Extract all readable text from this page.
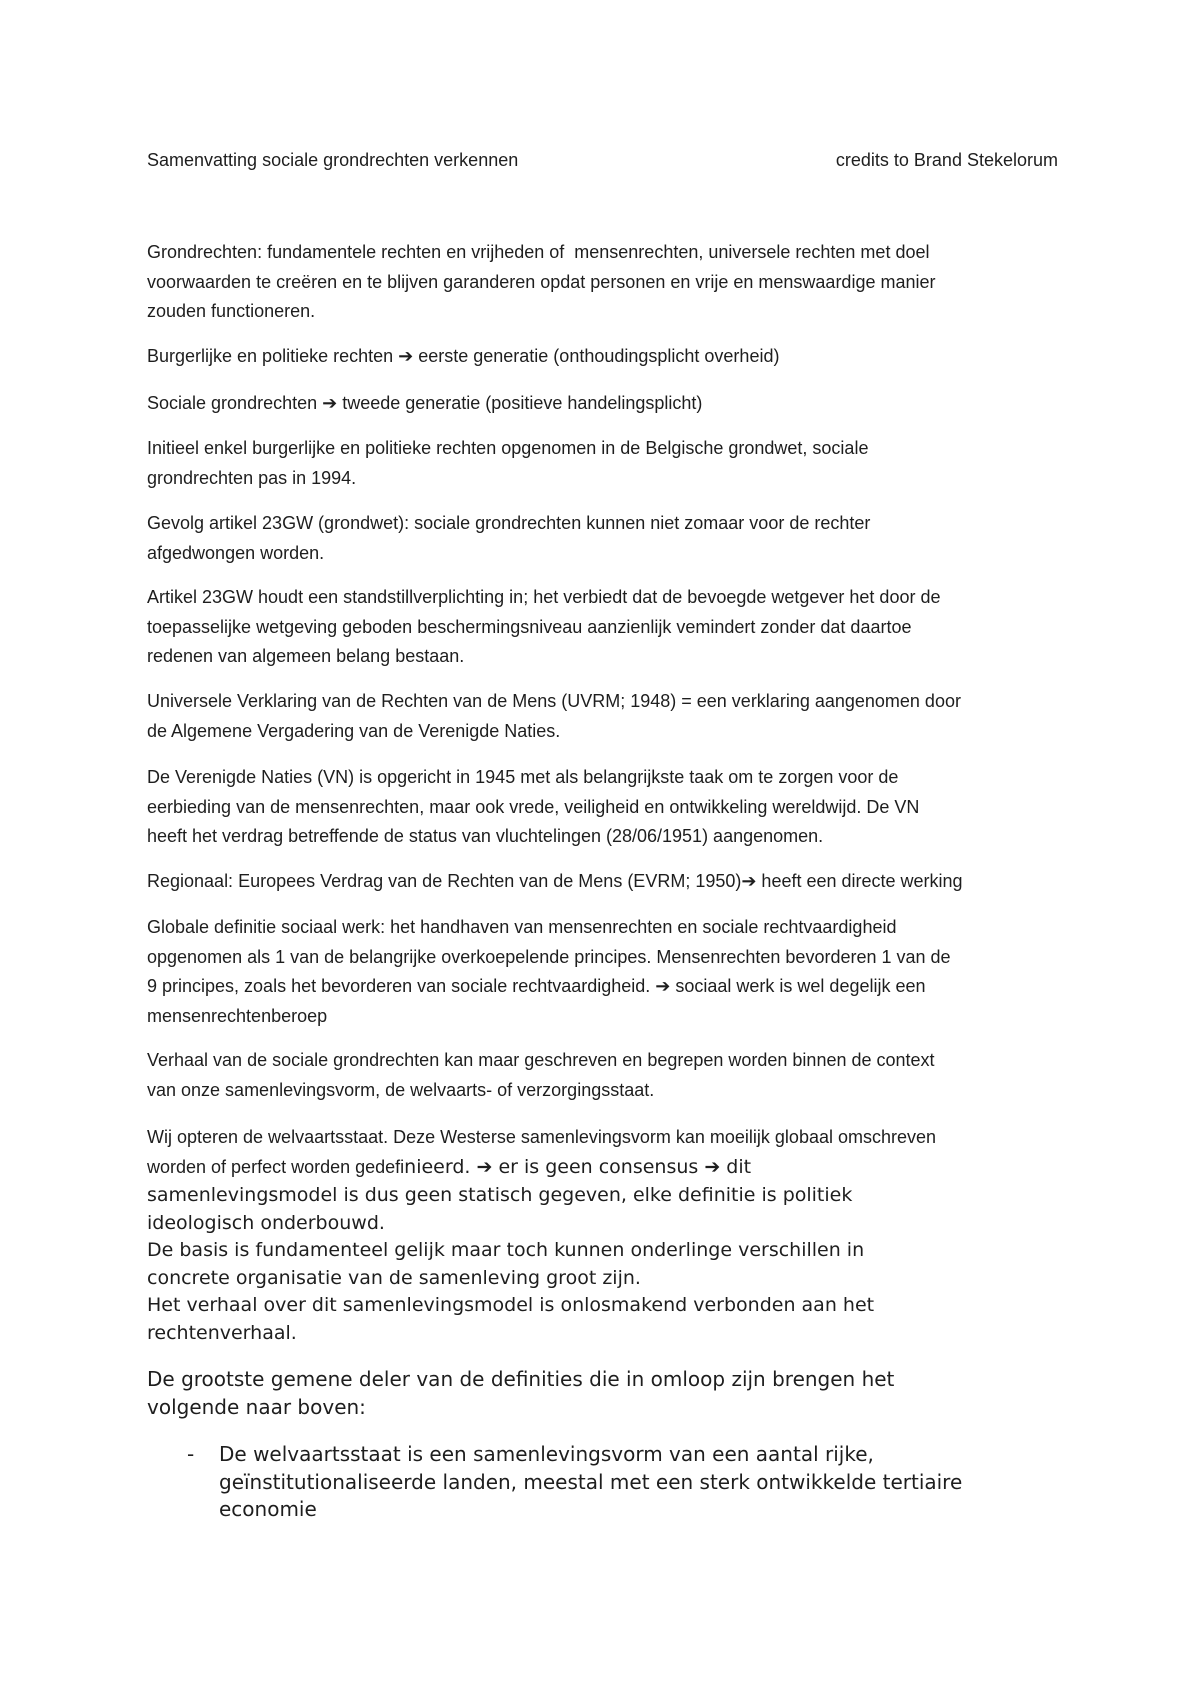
Samenvatting sociale grondrechten verkennen	credits to Brand Stekelorum
Grondrechten: fundamentele rechten en vrijheden of  mensenrechten, universele rechten met doel
voorwaarden te creëren en te blijven garanderen opdat personen en vrije en menswaardige manier
zouden functioneren.
Burgerlijke en politieke rechten ➔ eerste generatie (onthoudingsplicht overheid)
Sociale grondrechten ➔ tweede generatie (positieve handelingsplicht)
Initieel enkel burgerlijke en politieke rechten opgenomen in de Belgische grondwet, sociale
grondrechten pas in 1994.
Gevolg artikel 23GW (grondwet): sociale grondrechten kunnen niet zomaar voor de rechter
afgedwongen worden.
Artikel 23GW houdt een standstillverplichting in; het verbiedt dat de bevoegde wetgever het door de
toepasselijke wetgeving geboden beschermingsniveau aanzienlijk vemindert zonder dat daartoe
redenen van algemeen belang bestaan.
Universele Verklaring van de Rechten van de Mens (UVRM; 1948) = een verklaring aangenomen door
de Algemene Vergadering van de Verenigde Naties.
De Verenigde Naties (VN) is opgericht in 1945 met als belangrijkste taak om te zorgen voor de
eerbieding van de mensenrechten, maar ook vrede, veiligheid en ontwikkeling wereldwijd. De VN
heeft het verdrag betreffende de status van vluchtelingen (28/06/1951) aangenomen.
Regionaal: Europees Verdrag van de Rechten van de Mens (EVRM; 1950)➔ heeft een directe werking
Globale definitie sociaal werk: het handhaven van mensenrechten en sociale rechtvaardigheid
opgenomen als 1 van de belangrijke overkoepelende principes. Mensenrechten bevorderen 1 van de
9 principes, zoals het bevorderen van sociale rechtvaardigheid. ➔ sociaal werk is wel degelijk een
mensenrechtenberoep
Verhaal van de sociale grondrechten kan maar geschreven en begrepen worden binnen de context
van onze samenlevingsvorm, de welvaarts- of verzorgingsstaat.
Wij opteren de welvaartsstaat. Deze Westerse samenlevingsvorm kan moeilijk globaal omschreven
worden of perfect worden gedefinieerd. ➔ er is geen consensus ➔ dit
samenlevingsmodel is dus geen statisch gegeven, elke definitie is politiek
ideologisch onderbouwd.
De basis is fundamenteel gelijk maar toch kunnen onderlinge verschillen in
concrete organisatie van de samenleving groot zijn.
Het verhaal over dit samenlevingsmodel is onlosmakend verbonden aan het
rechtenverhaal.
De grootste gemene deler van de definities die in omloop zijn brengen het
volgende naar boven:
- De welvaartsstaat is een samenlevingsvorm van een aantal rijke,
geïnstitutionaliseerde landen, meestal met een sterk ontwikkelde tertiaire
economie
